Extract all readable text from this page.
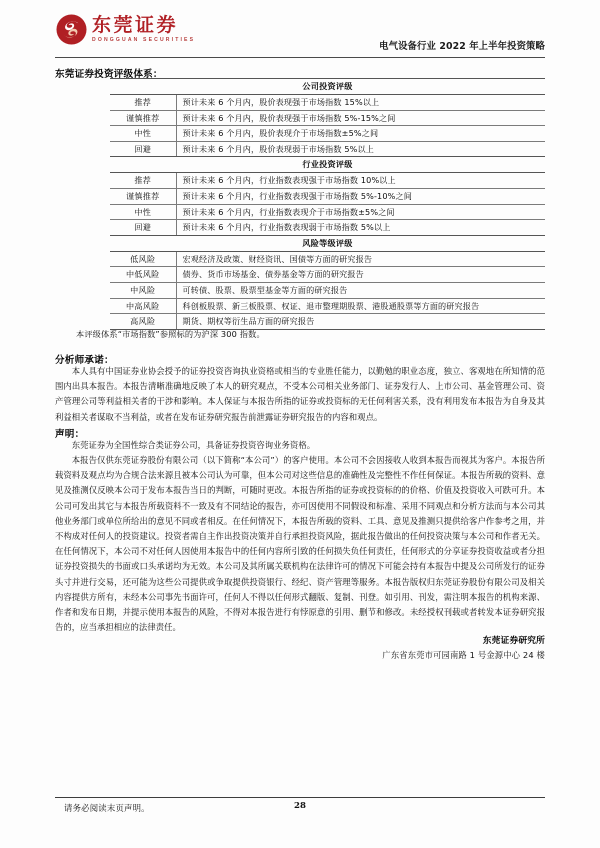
东莞证券
DONGGUAN SECURITIES
电气设备行业 2022 年上半年投资策略
东莞证券投资评级体系：
公司投资评级	
推荐	预计未来 6 个月内，股价表现强于市场指数 15%以上
谨慎推荐	预计未来 6 个月内，股价表现强于市场指数 5%-15%之间
中性	预计未来 6 个月内，股价表现介于市场指数±5%之间
回避	预计未来 6 个月内，股价表现弱于市场指数 5%以上
行业投资评级	
推荐	预计未来 6 个月内，行业指数表现强于市场指数 10%以上
谨慎推荐	预计未来 6 个月内，行业指数表现强于市场指数 5%-10%之间
中性	预计未来 6 个月内，行业指数表现介于市场指数±5%之间
回避	预计未来 6 个月内，行业指数表现弱于市场指数 5%以上
风险等级评级	
低风险	宏观经济及政策、财经资讯、国债等方面的研究报告
中低风险	债券、货币市场基金、债券基金等方面的研究报告
中风险	可转债、股票、股票型基金等方面的研究报告
中高风险	科创板股票、新三板股票、权证、退市整理期股票、港股通股票等方面的研究报告
高风险	期货、期权等衍生品方面的研究报告
本评级体系“市场指数”参照标的为沪深 300 指数。
分析师承诺：
本人具有中国证券业协会授予的证券投资咨询执业资格或相当的专业胜任能力，以勤勉的职业态度，独立、客观地在所知情的范围内出具本报告。本报告清晰准确地反映了本人的研究观点，不受本公司相关业务部门、证券发行人、上市公司、基金管理公司、资产管理公司等利益相关者的干涉和影响。本人保证与本报告所指的证券或投资标的无任何利害关系，没有利用发布本报告为自身及其利益相关者谋取不当利益，或者在发布证券研究报告前泄露证券研究报告的内容和观点。
声明：
东莞证券为全国性综合类证券公司，具备证券投资咨询业务资格。
本报告仅供东莞证券股份有限公司（以下简称“本公司”）的客户使用。本公司不会因接收人收到本报告而视其为客户。本报告所载资料及观点均为合规合法来源且被本公司认为可靠，但本公司对这些信息的准确性及完整性不作任何保证。本报告所载的资料、意见及推测仅反映本公司于发布本报告当日的判断，可随时更改。本报告所指的证券或投资标的的价格、价值及投资收入可跌可升。本公司可发出其它与本报告所载资料不一致及有不同结论的报告，亦可因使用不同假设和标准、采用不同观点和分析方法而与本公司其他业务部门或单位所给出的意见不同或者相反。在任何情况下，本报告所载的资料、工具、意见及推测只提供给客户作参考之用，并不构成对任何人的投资建议。投资者需自主作出投资决策并自行承担投资风险，据此报告做出的任何投资决策与本公司和作者无关。在任何情况下，本公司不对任何人因使用本报告中的任何内容所引致的任何损失负任何责任，任何形式的分享证券投资收益或者分担证券投资损失的书面或口头承诺均为无效。本公司及其所属关联机构在法律许可的情况下可能会持有本报告中提及公司所发行的证券头寸并进行交易，还可能为这些公司提供或争取提供投资银行、经纪、资产管理等服务。本报告版权归东莞证券股份有限公司及相关内容提供方所有，未经本公司事先书面许可，任何人不得以任何形式翻版、复制、刊登。如引用、刊发，需注明本报告的机构来源、作者和发布日期，并提示使用本报告的风险，不得对本报告进行有悖原意的引用、删节和修改。未经授权刊载或者转发本证券研究报告的，应当承担相应的法律责任。
东莞证券研究所
广东省东莞市可园南路 1 号金源中心 24 楼
请务必阅读末页声明。	28
